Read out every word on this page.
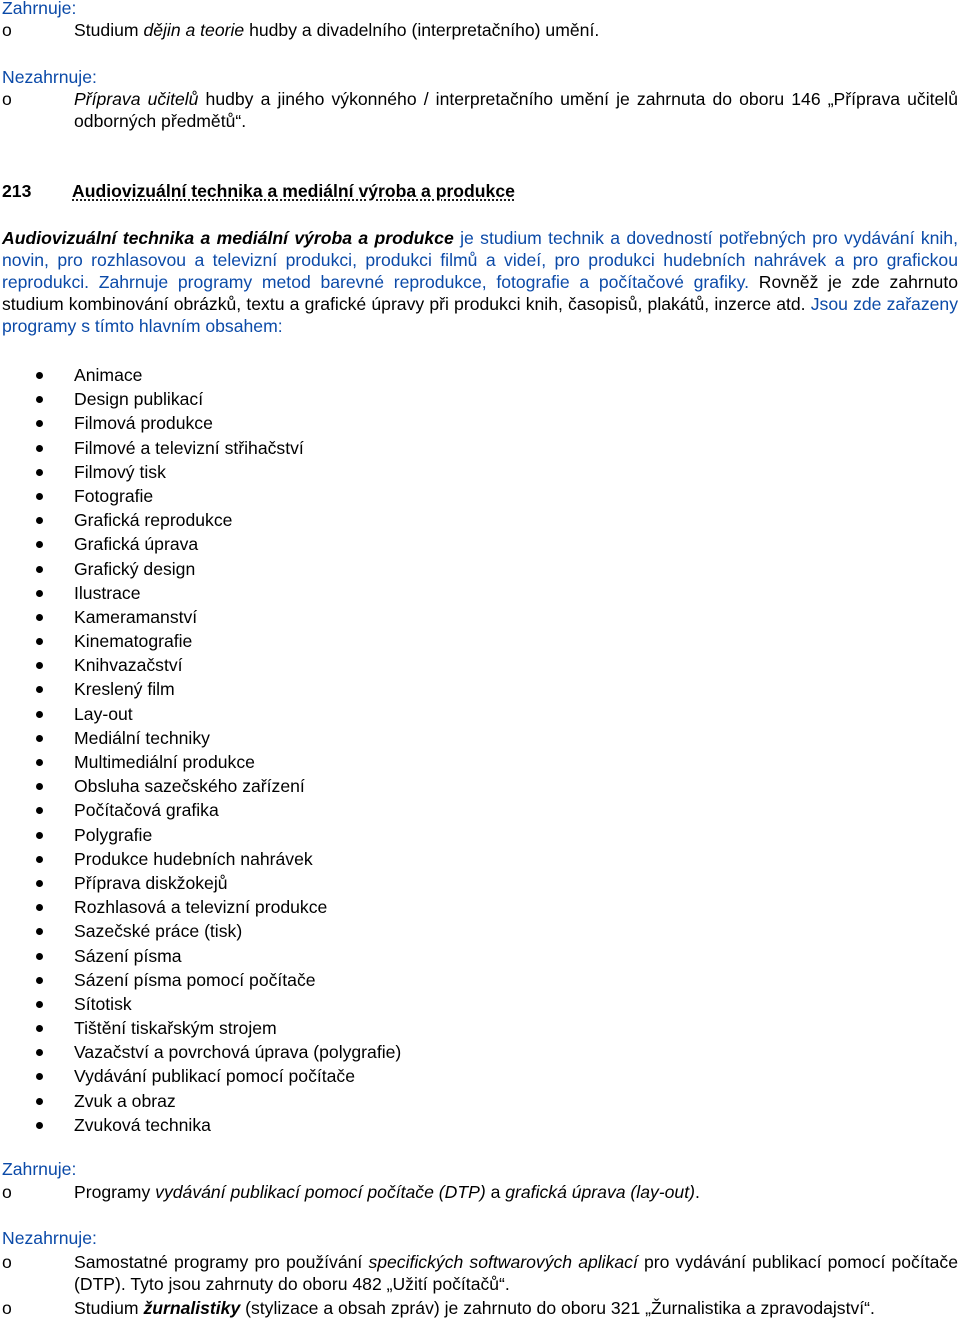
Zahrnuje:

o	Studium dějin a teorie hudby a divadelního (interpretačního) umění.

Nezahrnuje:

o	Příprava učitelů hudby a jiného výkonného / interpretačního umění je zahrnuta do oboru 146 „Příprava učitelů odborných předmětů“.

213 Audiovizuální technika a mediální výroba a produkce

Audiovizuální technika a mediální výroba a produkce je studium technik a dovedností potřebných pro vydávání knih, novin, pro rozhlasovou a televizní produkci, produkci filmů a videí, pro produkci hudebních nahrávek a pro grafickou reprodukci. Zahrnuje programy metod barevné reprodukce, fotografie a počítačové grafiky. Rovněž je zde zahrnuto studium kombinování obrázků, textu a grafické úpravy při produkci knih, časopisů, plakátů, inzerce atd. Jsou zde zařazeny programy s tímto hlavním obsahem:

Animace
Design publikací
Filmová produkce
Filmové a televizní střihačství
Filmový tisk
Fotografie
Grafická reprodukce
Grafická úprava
Grafický design
Ilustrace
Kameramanství
Kinematografie
Knihvazačství
Kreslený film
Lay-out
Mediální techniky
Multimediální produkce
Obsluha sazečského zařízení
Počítačová grafika
Polygrafie
Produkce hudebních nahrávek
Příprava diskžokejů
Rozhlasová a televizní produkce
Sazečské práce (tisk)
Sázení písma
Sázení písma pomocí počítače
Sítotisk
Tištění tiskařským strojem
Vazačství a povrchová úprava (polygrafie)
Vydávání publikací pomocí počítače
Zvuk a obraz
Zvuková technika

Zahrnuje:

o	Programy vydávání publikací pomocí počítače (DTP) a grafická úprava (lay-out).

Nezahrnuje:

o	Samostatné programy pro používání specifických softwarových aplikací pro vydávání publikací pomocí počítače (DTP). Tyto jsou zahrnuty do oboru 482 „Užití počítačů“.

o	Studium žurnalistiky (stylizace a obsah zpráv) je zahrnuto do oboru 321 „Žurnalistika a zpravodajství“.
